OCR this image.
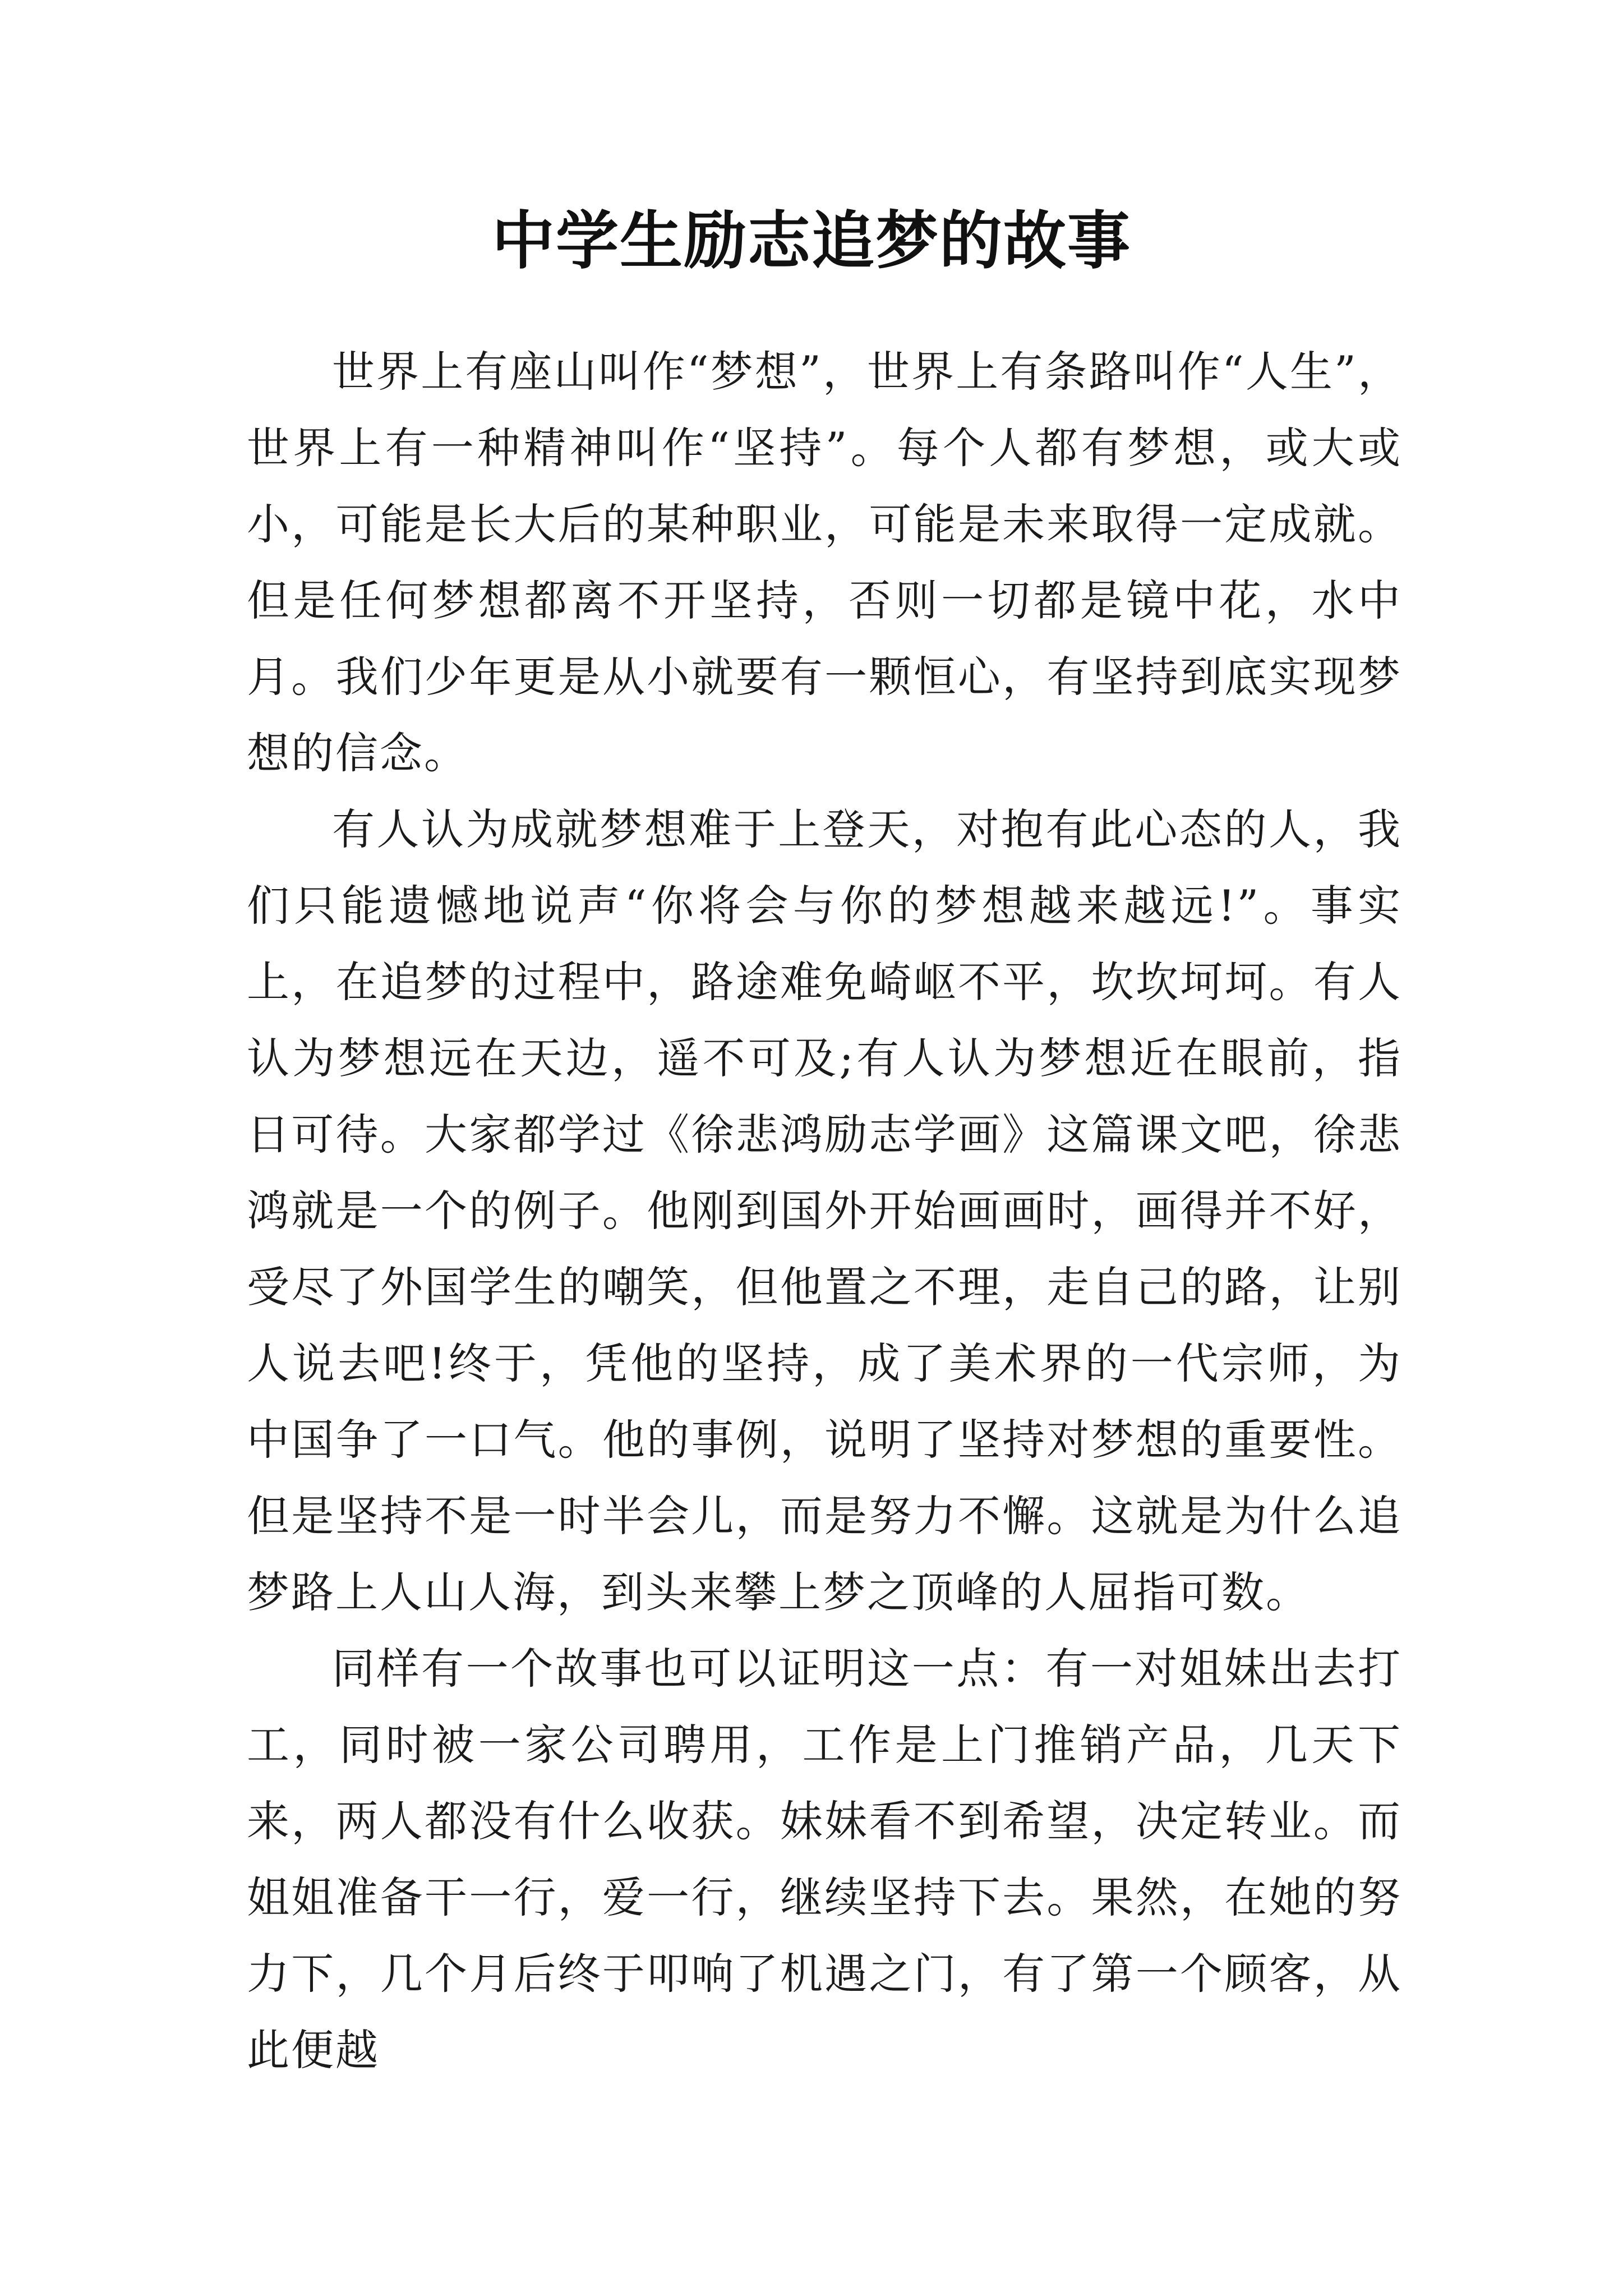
中学生励志追梦的故事

世界上有座山叫作“梦想”，世界上有条路叫作“人生”，世界上有一种精神叫作“坚持”。每个人都有梦想，或大或小，可能是长大后的某种职业，可能是未来取得一定成就。但是任何梦想都离不开坚持，否则一切都是镜中花，水中月。我们少年更是从小就要有一颗恒心，有坚持到底实现梦想的信念。

有人认为成就梦想难于上登天，对抱有此心态的人，我们只能遗憾地说声“你将会与你的梦想越来越远!”。事实上，在追梦的过程中，路途难免崎岖不平，坎坎坷坷。有人认为梦想远在天边，遥不可及;有人认为梦想近在眼前，指日可待。大家都学过《徐悲鸿励志学画》这篇课文吧，徐悲鸿就是一个的例子。他刚到国外开始画画时，画得并不好，受尽了外国学生的嘲笑，但他置之不理，走自己的路，让别人说去吧!终于，凭他的坚持，成了美术界的一代宗师，为中国争了一口气。他的事例，说明了坚持对梦想的重要性。但是坚持不是一时半会儿，而是努力不懈。这就是为什么追梦路上人山人海，到头来攀上梦之顶峰的人屈指可数。

同样有一个故事也可以证明这一点：有一对姐妹出去打工，同时被一家公司聘用，工作是上门推销产品，几天下来，两人都没有什么收获。妹妹看不到希望，决定转业。而姐姐准备干一行，爱一行，继续坚持下去。果然，在她的努力下，几个月后终于叩响了机遇之门，有了第一个顾客，从此便越
